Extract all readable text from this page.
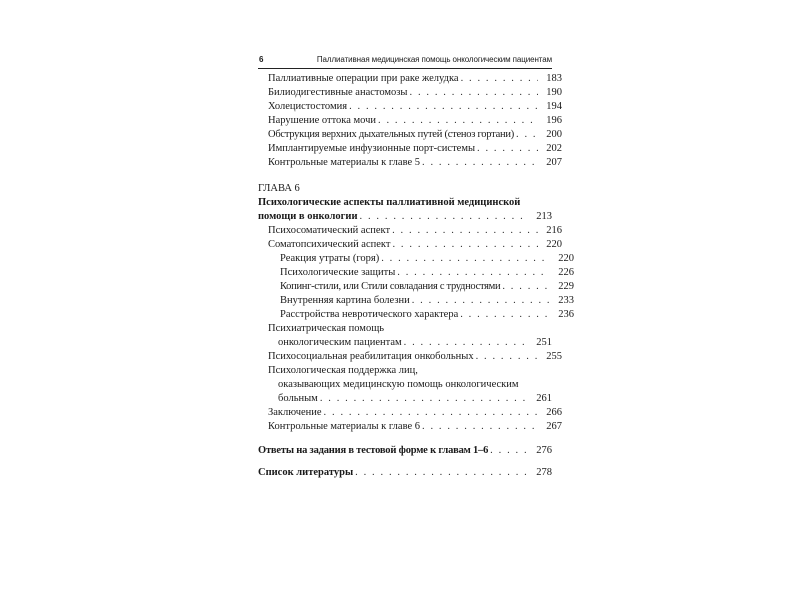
6	Паллиативная медицинская помощь онкологическим пациентам
Паллиативные операции при раке желудка . . .	183
Билиодигестивные анастомозы . . .	190
Холецистостомия . . .	194
Нарушение оттока мочи . . .	196
Обструкция верхних дыхательных путей (стеноз гортани) . . .	200
Имплантируемые инфузионные порт-системы . . .	202
Контрольные материалы к главе 5 . . .	207
ГЛАВА 6
Психологические аспекты паллиативной медицинской
помощи в онкологии . . .	213
Психосоматический аспект . . .	216
Соматопсихический аспект . . .	220
Реакция утраты (горя) . . .	220
Психологические защиты . . .	226
Копинг-стили, или Стили совладания с трудностями . . .	229
Внутренняя картина болезни . . .	233
Расстройства невротического характера . . .	236
Психиатрическая помощь
онкологическим пациентам . . .	251
Психосоциальная реабилитация онкобольных . . .	255
Психологическая поддержка лиц,
оказывающих медицинскую помощь онкологическим
больным . . .	261
Заключение . . .	266
Контрольные материалы к главе 6 . . .	267
Ответы на задания в тестовой форме к главам 1–6 . . .	276
Список литературы . . .	278
